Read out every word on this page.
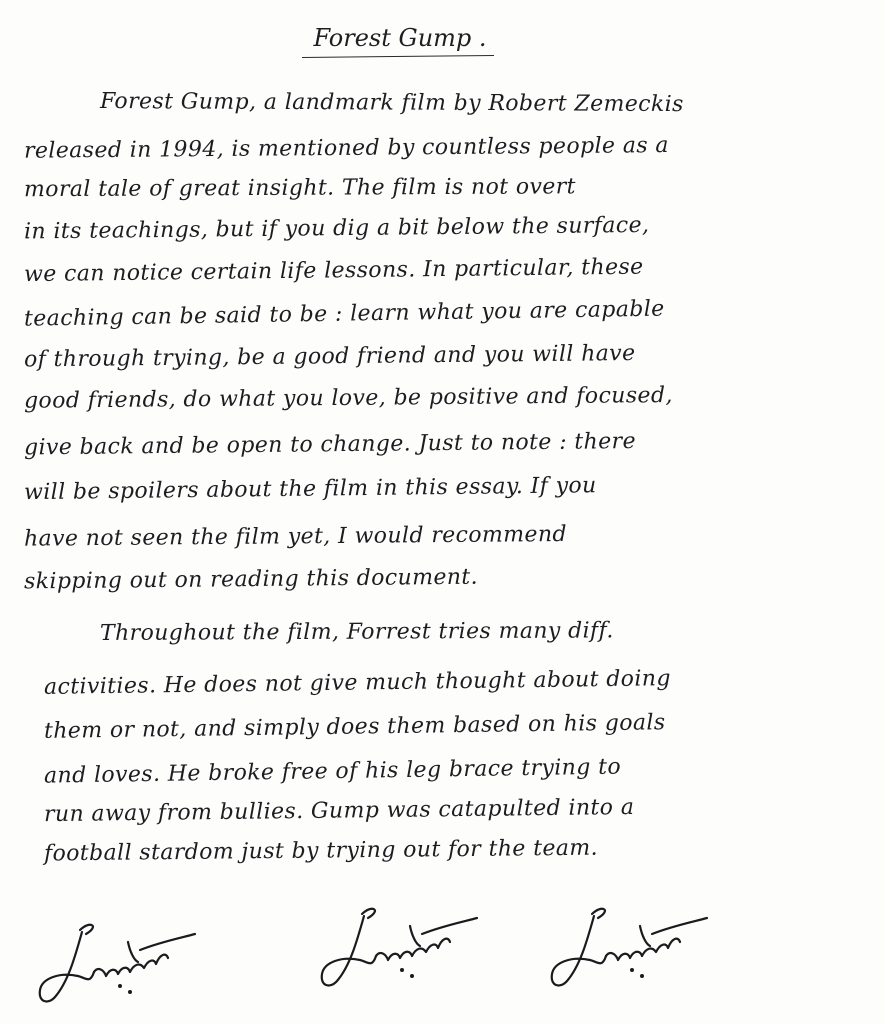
Forest Gump .
Forest Gump, a landmark film by Robert Zemeckis
released in 1994, is mentioned by countless people as a
moral tale of great insight. The film is not overt
in its teachings, but if you dig a bit below the surface,
we can notice certain life lessons. In particular, these
teaching can be said to be : learn what you are capable
of through trying, be a good friend and you will have
good friends, do what you love, be positive and focused,
give back and be open to change. Just to note : there
will be spoilers about the film in this essay. If you
have not seen the film yet, I would recommend
skipping out on reading this document.
Throughout the film, Forrest tries many diff.
activities. He does not give much thought about doing
them or not, and simply does them based on his goals
and loves. He broke free of his leg brace trying to
run away from bullies. Gump was catapulted into a
football stardom just by trying out for the team.
